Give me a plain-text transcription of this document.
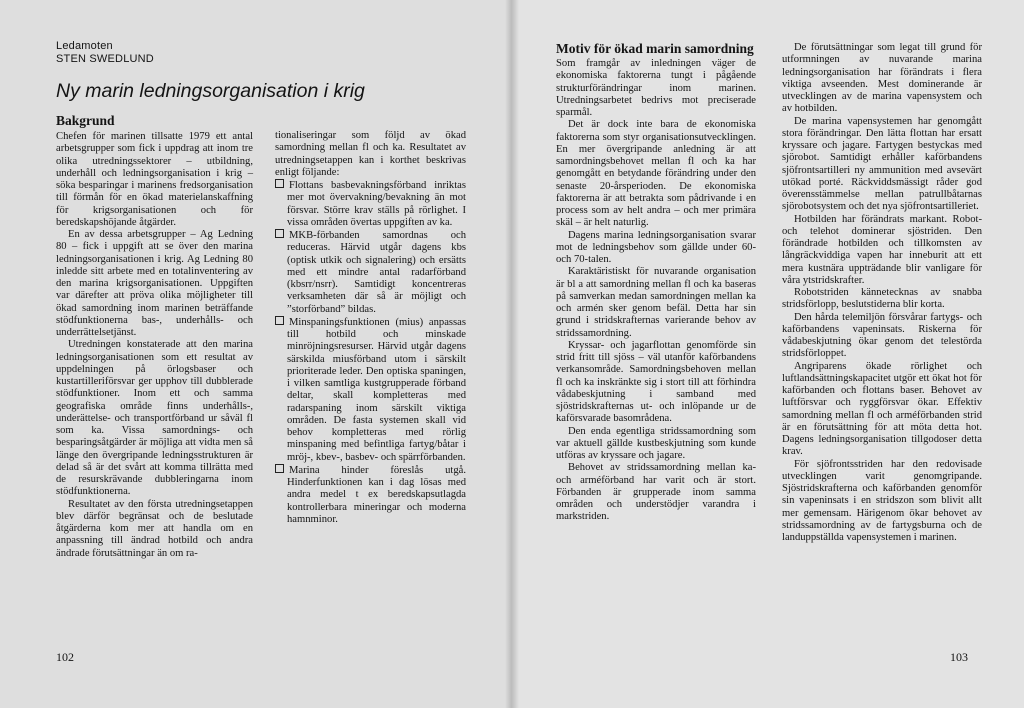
Ledamoten
STEN SWEDLUND
Ny marin ledningsorganisation i krig
Bakgrund

Chefen för marinen tillsatte 1979 ett antal arbetsgrupper som fick i uppdrag att inom tre olika utredningssektorer – utbildning, underhåll och ledningsorganisation i krig – söka besparingar i marinens fredsorganisation till förmån för en ökad materielanskaffning för krigsorganisationen och för beredskapshöjande åtgärder.

En av dessa arbetsgrupper – Ag Ledning 80 – fick i uppgift att se över den marina ledningsorganisationen i krig. Ag Ledning 80 inledde sitt arbete med en totalinventering av den marina krigsorganisationen. Uppgiften var därefter att pröva olika möjligheter till ökad samordning inom marinen beträffande stödfunktionerna bas-, underhålls- och underrättelsetjänst.

Utredningen konstaterade att den marina ledningsorganisationen som ett resultat av uppdelningen på örlogsbaser och kustartilleriförsvar ger upphov till dubblerade stödfunktioner. Inom ett och samma geografiska område finns underhålls-, underättelse- och transportförband ur såväl fl som ka. Vissa samordnings- och besparingsåtgärder är möjliga att vidta men så länge den övergripande ledningsstrukturen är delad så är det svårt att komma tillrätta med de resurskrävande dubbleringarna inom stödfunktionerna.

Resultatet av den första utredningsetappen blev därför begränsat och de beslutade åtgärderna kom mer att handla om en anpassning till ändrad hotbild och andra ändrade förutsättningar än om ra-

tionaliseringar som följd av ökad samordning mellan fl och ka. Resultatet av utredningsetappen kan i korthet beskrivas enligt följande:

Flottans basbevakningsförband inriktas mer mot övervakning/bevakning än mot försvar. Större krav ställs på rörlighet. I vissa områden övertas uppgiften av ka.

MKB-förbanden samordnas och reduceras. Härvid utgår dagens kbs (optisk utkik och signalering) och ersätts med ett mindre antal radarförband (kbsrr/nsrr). Samtidigt koncentreras verksamheten där så är möjligt och ”storförband” bildas.

Minspaningsfunktionen (mius) anpassas till hotbild och minskade minröjningsresurser. Härvid utgår dagens särskilda miusförband utom i särskilt prioriterade leder. Den optiska spaningen, i vilken samtliga kustgrupperade förband deltar, skall kompletteras med radarspaning inom särskilt viktiga områden. De fasta systemen skall vid behov kompletteras med rörlig minspaning med befintliga fartyg/båtar i mröj-, kbev-, basbev- och spärrförbanden.

Marina hinder föreslås utgå. Hinderfunktionen kan i dag lösas med andra medel t ex beredskapsutlagda kontrollerbara mineringar och moderna hamnminor.

102
Motiv för ökad marin samordning

Som framgår av inledningen väger de ekonomiska faktorerna tungt i pågående strukturförändringar inom marinen. Utredningsarbetet bedrivs mot preciserade sparmål.

Det är dock inte bara de ekonomiska faktorerna som styr organisationsutvecklingen. En mer övergripande anledning är att samordningsbehovet mellan fl och ka har genomgått en betydande förändring under den senaste 20-årsperioden. De ekonomiska faktorerna är att betrakta som pådrivande i en process som av helt andra – och mer primära skäl – är helt naturlig.

Dagens marina ledningsorganisation svarar mot de ledningsbehov som gällde under 60- och 70-talen.

Karaktäristiskt för nuvarande organisation är bl a att samordning mellan fl och ka baseras på samverkan medan samordningen mellan ka och armén sker genom befäl. Detta har sin grund i stridskrafternas varierande behov av stridssamordning.

Kryssar- och jagarflottan genomförde sin strid fritt till sjöss – väl utanför kaförbandens verkansområde. Samordningsbehoven mellan fl och ka inskränkte sig i stort till att förhindra vådabeskjutning i samband med sjöstridskrafternas ut- och inlöpande ur de kaförsvarade basområdena.

Den enda egentliga stridssamordning som var aktuell gällde kustbeskjutning som kunde utföras av kryssare och jagare.

Behovet av stridssamordning mellan ka- och arméförband har varit och är stort. Förbanden är grupperade inom samma områden och understödjer varandra i markstriden.

De förutsättningar som legat till grund för utformningen av nuvarande marina ledningsorganisation har förändrats i flera viktiga avseenden. Mest dominerande är utvecklingen av de marina vapensystem och av hotbilden.

De marina vapensystemen har genomgått stora förändringar. Den lätta flottan har ersatt kryssare och jagare. Fartygen bestyckas med sjörobot. Samtidigt erhåller kaförbandens sjöfrontsartilleri ny ammunition med avsevärt utökad porté. Räckviddsmässigt råder god överensstämmelse mellan patrullbåtarnas sjörobotsystem och det nya sjöfrontsartilleriet.

Hotbilden har förändrats markant. Robot- och telehot dominerar sjöstriden. Den förändrade hotbilden och tillkomsten av långräckviddiga vapen har inneburit att ett mera kustnära uppträdande blir vanligare för våra ytstridskrafter.

Robotstriden kännetecknas av snabba stridsförlopp, beslutstiderna blir korta.

Den hårda telemiljön försvårar fartygs- och kaförbandens vapeninsats. Riskerna för vådabeskjutning ökar genom det telestörda stridsförloppet.

Angriparens ökade rörlighet och luftlandsättningskapacitet utgör ett ökat hot för kaförbanden och flottans baser. Behovet av luftförsvar och ryggförsvar ökar. Effektiv samordning mellan fl och arméförbanden strid är en förutsättning för att möta detta hot. Dagens ledningsorganisation tillgodoser detta krav.

För sjöfrontsstriden har den redovisade utvecklingen varit genomgripande. Sjöstridskrafterna och kaförbanden genomför sin vapeninsats i en stridszon som blivit allt mer gemensam. Härigenom ökar behovet av stridssamordning av de fartygsburna och de landuppställda vapensystemen i marinen.

103
